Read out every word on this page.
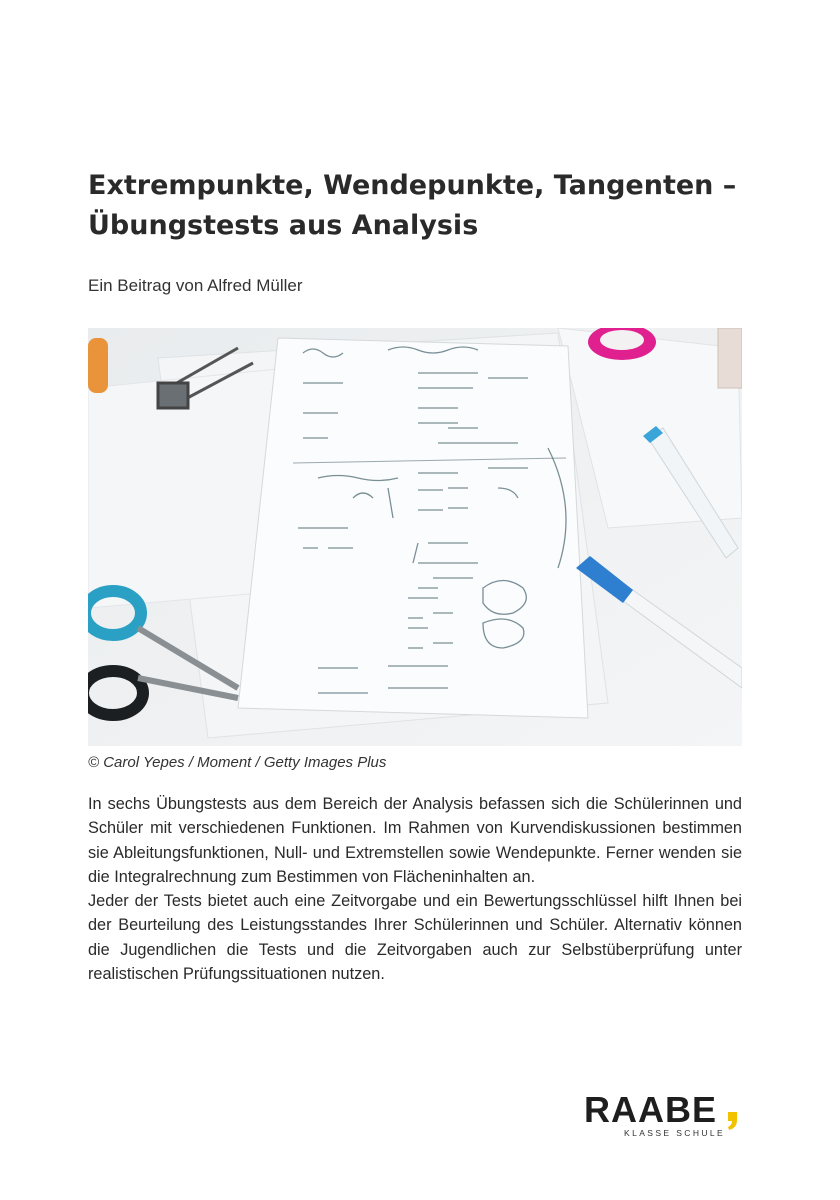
Extrempunkte, Wendepunkte, Tangenten –
Übungstests aus Analysis
Ein Beitrag von Alfred Müller
© Carol Yepes / Moment / Getty Images Plus

In sechs Übungstests aus dem Bereich der Analysis befassen sich die Schülerinnen und Schüler mit verschiedenen Funktionen. Im Rahmen von Kurvendiskussionen bestimmen sie Ableitungsfunktionen, Null- und Extremstellen sowie Wendepunkte. Ferner wenden sie die Integralrechnung zum Bestimmen von Flächeninhalten an.

Jeder der Tests bietet auch eine Zeitvorgabe und ein Bewertungsschlüssel hilft Ihnen bei der Beurteilung des Leistungsstandes Ihrer Schülerinnen und Schüler. Alternativ können die Jugendlichen die Tests und die Zeitvorgaben auch zur Selbstüberprüfung unter realistischen Prüfungssituationen nutzen.

RAABE
KLASSE SCHULE
